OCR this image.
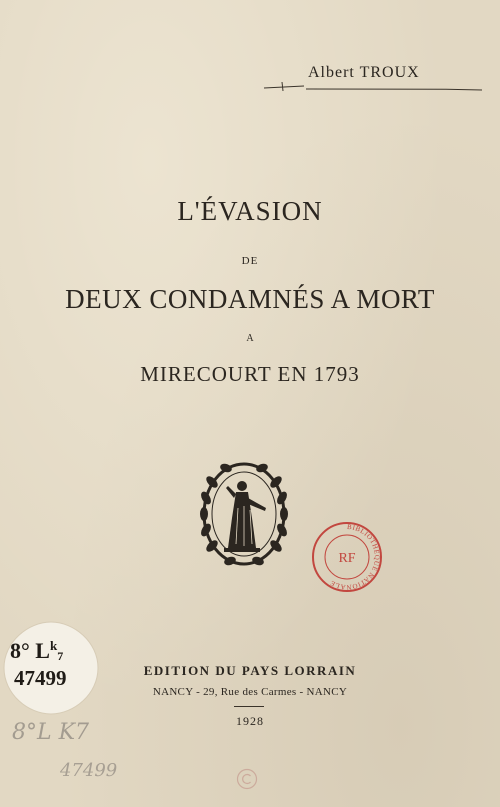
Albert TROUX
L'ÉVASION
DE
DEUX CONDAMNÉS A MORT
A
MIRECOURT EN 1793
BIBLIOTHÈQUE NATIONALE
RF
8° $L^k7$
47499	EDITION DU PAYS LORRAIN
NANCY - 29, Rue des Carmes - NANCY
1928
8°L K7
47499
